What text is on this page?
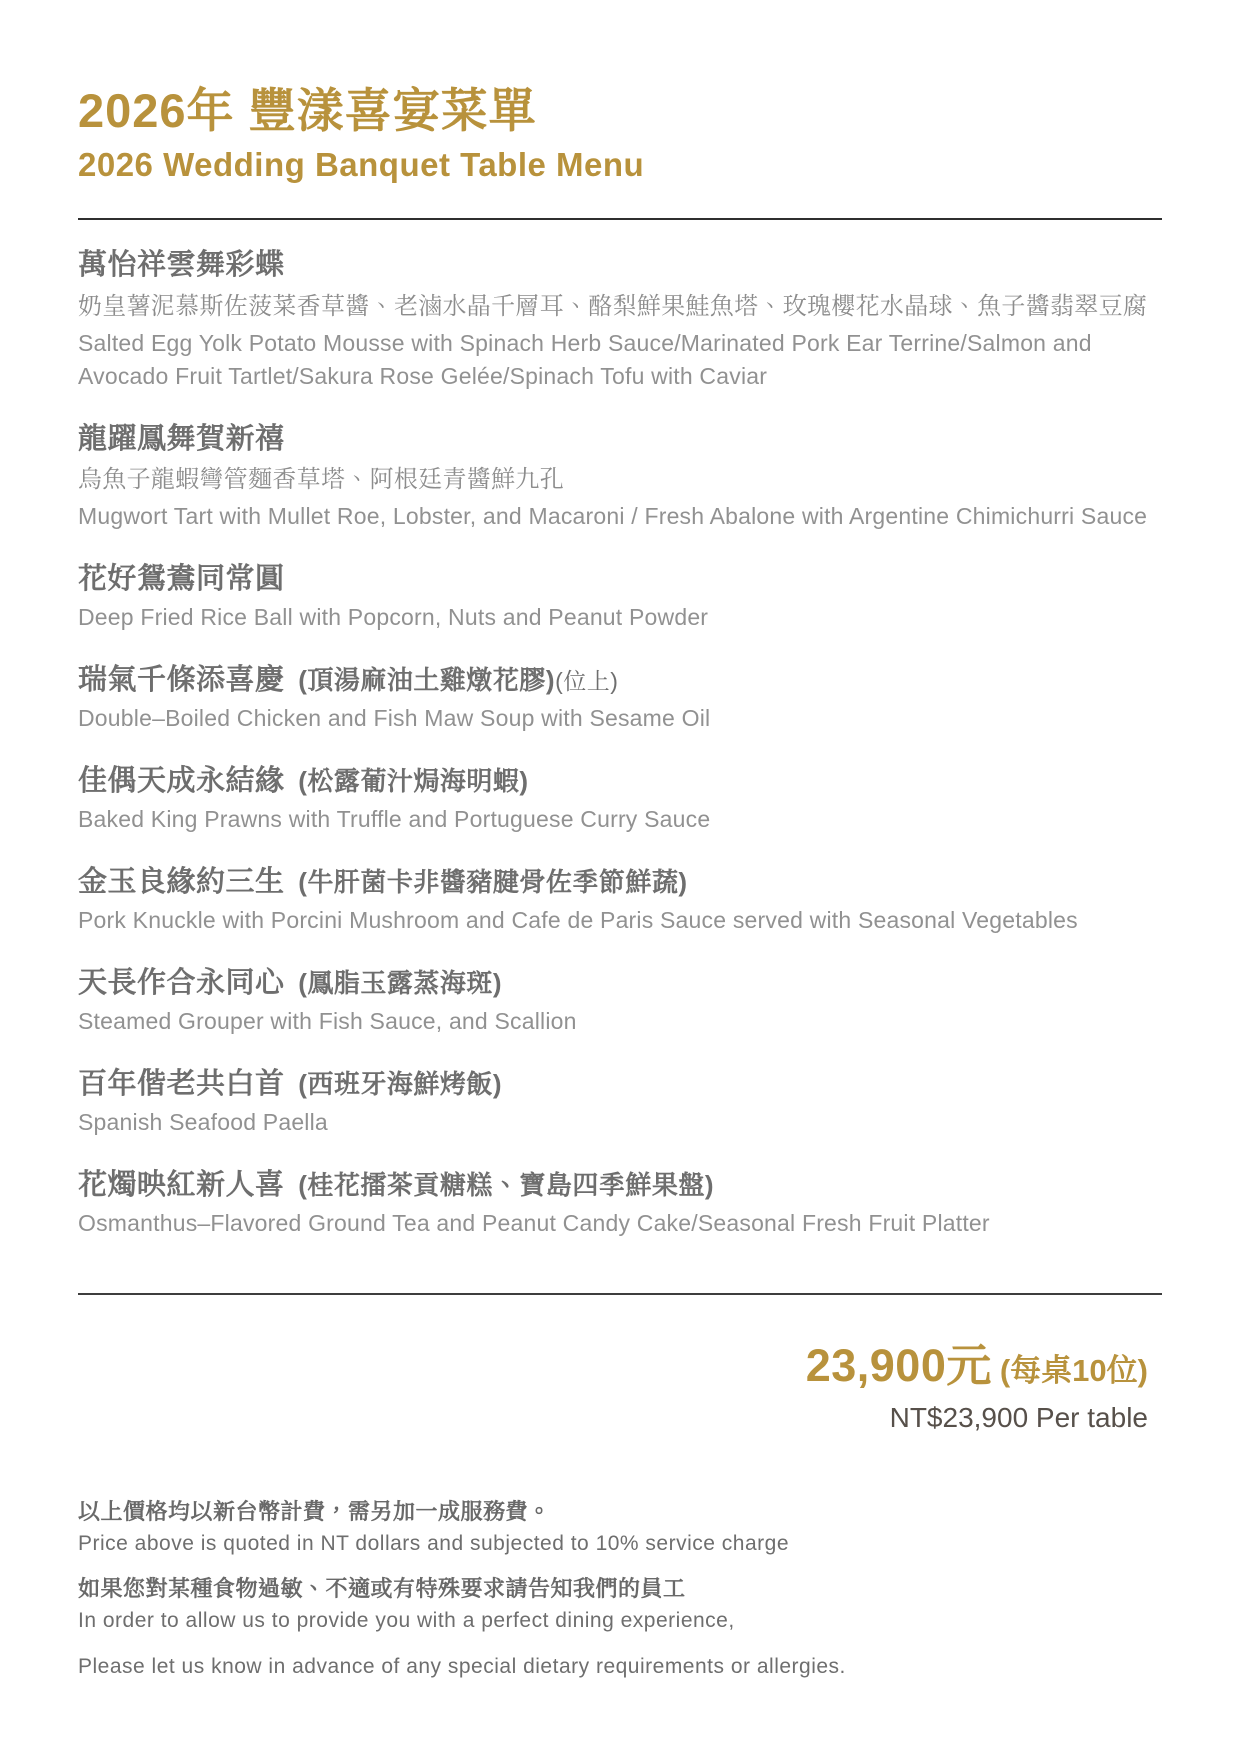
2026年 豐漾喜宴菜單
2026 Wedding Banquet Table Menu
萬怡祥雲舞彩蝶

奶皇薯泥慕斯佐菠菜香草醬、老滷水晶千層耳、酪梨鮮果鮭魚塔、玫瑰櫻花水晶球、魚子醬翡翠豆腐

Salted Egg Yolk Potato Mousse with Spinach Herb Sauce/Marinated Pork Ear Terrine/Salmon and Avocado Fruit Tartlet/Sakura Rose Gelée/Spinach Tofu with Caviar

龍躍鳳舞賀新禧

烏魚子龍蝦彎管麵香草塔、阿根廷青醬鮮九孔

Mugwort Tart with Mullet Roe, Lobster, and Macaroni / Fresh Abalone with Argentine Chimichurri Sauce

花好鴛鴦同常圓

Deep Fried Rice Ball with Popcorn, Nuts and Peanut Powder

瑞氣千條添喜慶 (頂湯麻油土雞燉花膠)(位上)

Double–Boiled Chicken and Fish Maw Soup with Sesame Oil

佳偶天成永結緣 (松露葡汁焗海明蝦)

Baked King Prawns with Truffle and Portuguese Curry Sauce

金玉良緣約三生 (牛肝菌卡非醬豬腱骨佐季節鮮蔬)

Pork Knuckle with Porcini Mushroom and Cafe de Paris Sauce served with Seasonal Vegetables

天長作合永同心 (鳳脂玉露蒸海斑)

Steamed Grouper with Fish Sauce, and Scallion

百年偕老共白首 (西班牙海鮮烤飯)

Spanish Seafood Paella

花燭映紅新人喜 (桂花擂茶貢糖糕、寶島四季鮮果盤)

Osmanthus–Flavored Ground Tea and Peanut Candy Cake/Seasonal Fresh Fruit Platter

23,900元 (每桌10位)
NT$23,900 Per table

以上價格均以新台幣計費，需另加一成服務費。

Price above is quoted in NT dollars and subjected to 10% service charge

如果您對某種食物過敏、不適或有特殊要求請告知我們的員工

In order to allow us to provide you with a perfect dining experience,

Please let us know in advance of any special dietary requirements or allergies.
